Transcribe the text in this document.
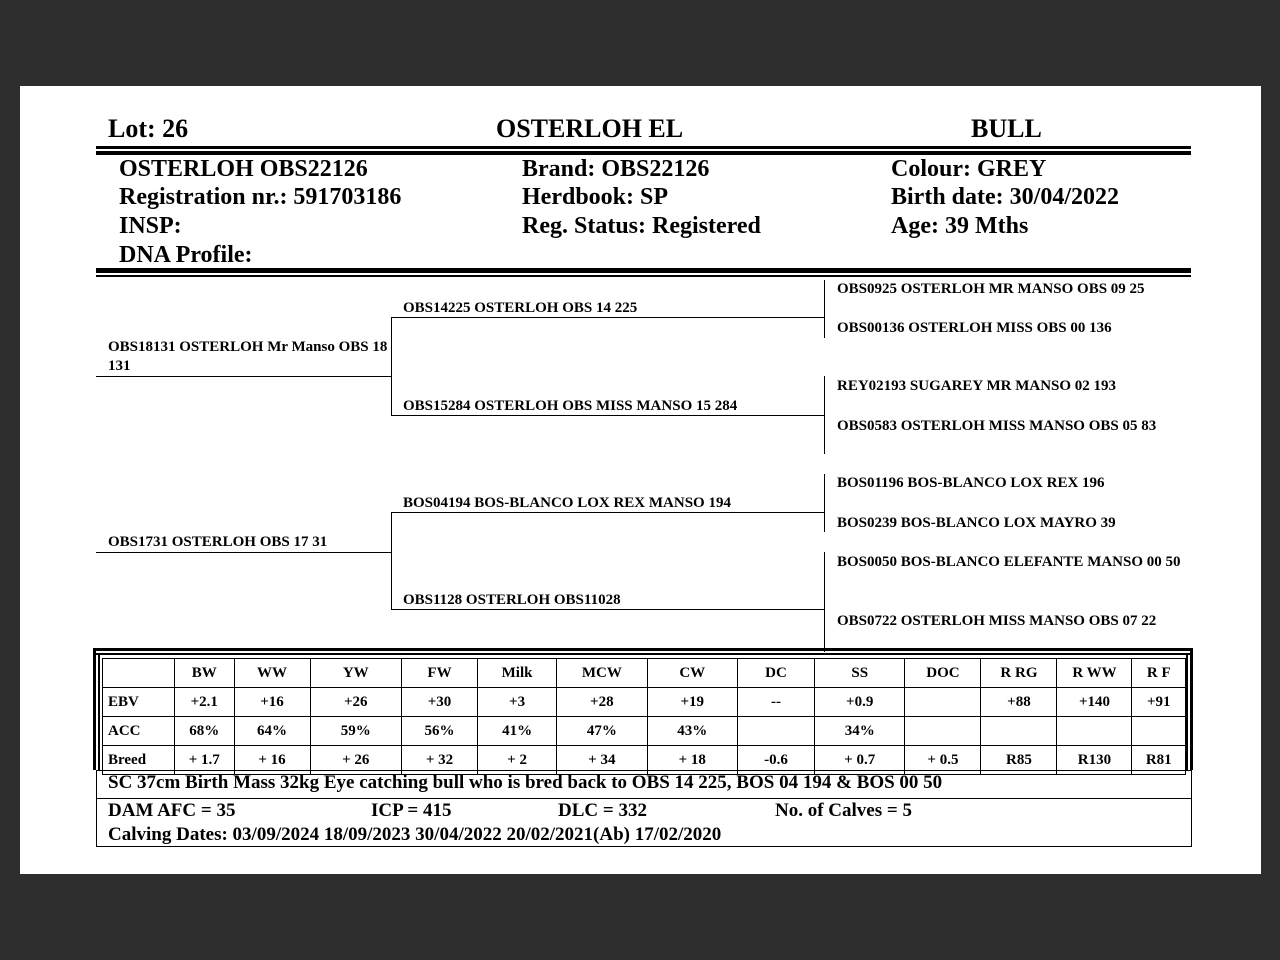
Lot: 26	OSTERLOH EL	BULL
OSTERLOH OBS22126
Registration nr.: 591703186
INSP:
DNA Profile:
Brand: OBS22126
Herdbook: SP
Reg. Status: Registered
Colour: GREY
Birth date: 30/04/2022
Age: 39 Mths
OBS18131 OSTERLOH Mr Manso OBS 18 131
OBS1731 OSTERLOH OBS 17 31
OBS14225 OSTERLOH OBS 14 225
OBS15284 OSTERLOH OBS MISS MANSO 15 284
BOS04194 BOS-BLANCO LOX REX MANSO 194
OBS1128 OSTERLOH OBS11028
OBS0925 OSTERLOH MR MANSO OBS 09 25
OBS00136 OSTERLOH MISS OBS 00 136
REY02193 SUGAREY MR MANSO 02 193
OBS0583 OSTERLOH MISS MANSO OBS 05 83
BOS01196 BOS-BLANCO LOX REX 196
BOS0239 BOS-BLANCO LOX MAYRO 39
BOS0050 BOS-BLANCO ELEFANTE MANSO 00 50
OBS0722 OSTERLOH MISS MANSO OBS 07 22
	BW	WW	YW	FW	Milk	MCW	CW	DC	SS	DOC	R RG	R WW	R F
EBV	+2.1	+16	+26	+30	+3	+28	+19	--	+0.9		+88	+140	+91
ACC	68%	64%	59%	56%	41%	47%	43%		34%				
Breed	+ 1.7	+ 16	+ 26	+ 32	+ 2	+ 34	+ 18	-0.6	+ 0.7	+ 0.5	R85	R130	R81
SC 37cm Birth Mass 32kg Eye catching bull who is bred back to OBS 14 225, BOS 04 194 & BOS 00 50
DAM AFC = 35	ICP = 415	DLC = 332	No. of Calves = 5
Calving Dates: 03/09/2024 18/09/2023 30/04/2022 20/02/2021(Ab) 17/02/2020
